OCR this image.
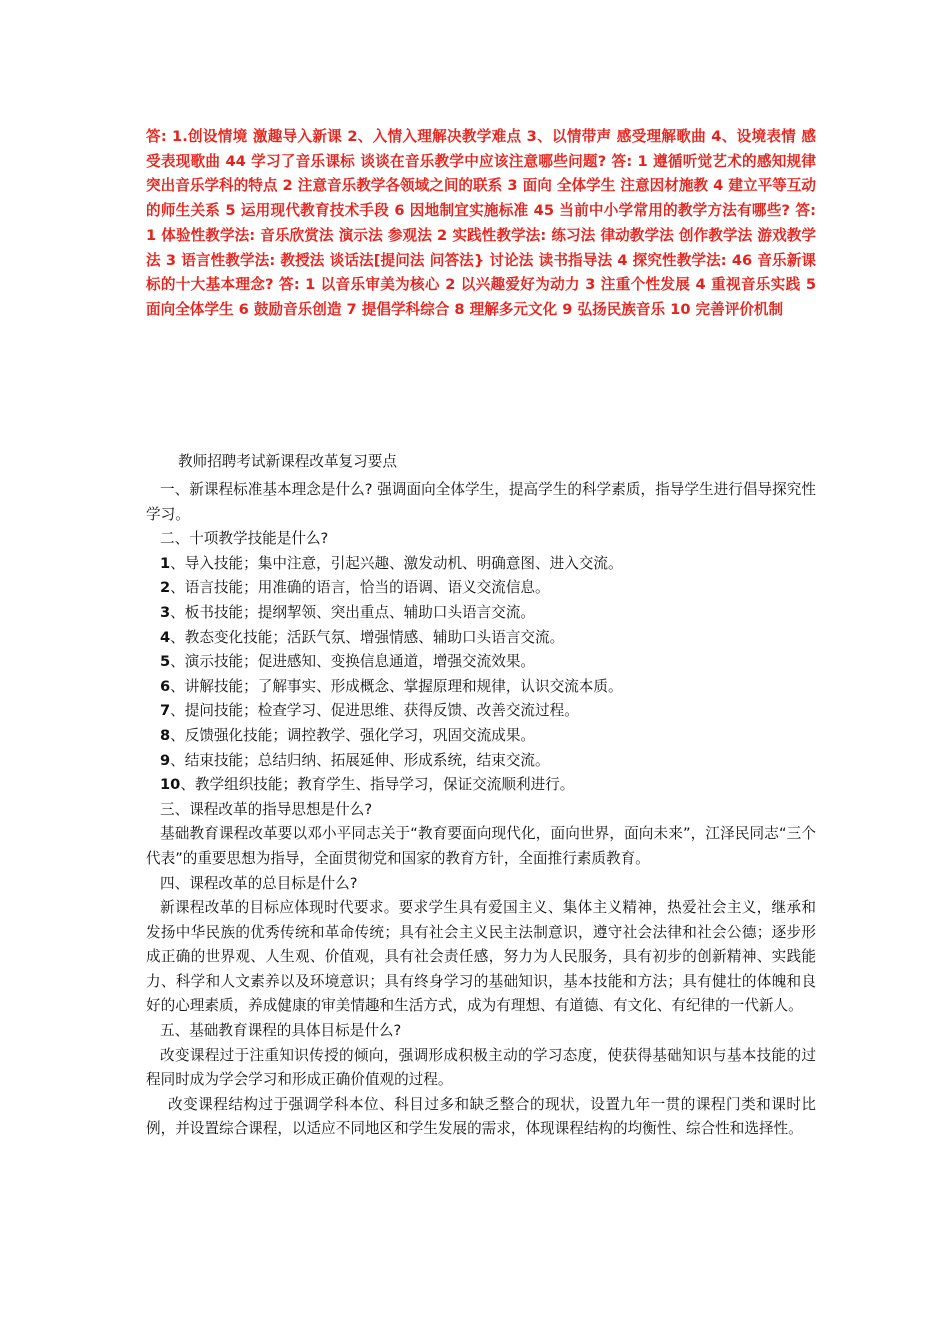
答: 1.创设情境 激趣导入新课 2、入情入理解决教学难点 3、以情带声 感受理解歌曲 4、设境表情 感受表现歌曲 44 学习了音乐课标 谈谈在音乐教学中应该注意哪些问题? 答: 1 遵循听觉艺术的感知规律 突出音乐学科的特点 2 注意音乐教学各领域之间的联系 3 面向 全体学生 注意因材施教 4 建立平等互动的师生关系 5 运用现代教育技术手段 6 因地制宜实施标准 45 当前中小学常用的教学方法有哪些? 答: 1 体验性教学法: 音乐欣赏法 演示法 参观法 2 实践性教学法: 练习法 律动教学法 创作教学法 游戏教学法 3 语言性教学法: 教授法 谈话法[提问法 问答法} 讨论法 读书指导法 4 探究性教学法: 46 音乐新课标的十大基本理念? 答: 1 以音乐审美为核心 2 以兴趣爱好为动力 3 注重个性发展 4 重视音乐实践 5 面向全体学生 6 鼓励音乐创造 7 提倡学科综合 8 理解多元文化 9 弘扬民族音乐 10 完善评价机制

教师招聘考试新课程改革复习要点

一、新课程标准基本理念是什么? 强调面向全体学生，提高学生的科学素质，指导学生进行倡导探究性学习。

二、十项教学技能是什么?

1、导入技能；集中注意，引起兴趣、激发动机、明确意图、进入交流。

2、语言技能；用准确的语言，恰当的语调、语义交流信息。

3、板书技能；提纲挈领、突出重点、辅助口头语言交流。

4、教态变化技能；活跃气氛、增强情感、辅助口头语言交流。

5、演示技能；促进感知、变换信息通道，增强交流效果。

6、讲解技能；了解事实、形成概念、掌握原理和规律，认识交流本质。

7、提问技能；检查学习、促进思维、获得反馈、改善交流过程。

8、反馈强化技能；调控教学、强化学习，巩固交流成果。

9、结束技能；总结归纳、拓展延伸、形成系统，结束交流。

10、教学组织技能；教育学生、指导学习，保证交流顺利进行。

三、课程改革的指导思想是什么?

基础教育课程改革要以邓小平同志关于“教育要面向现代化，面向世界，面向未来”，江泽民同志“三个代表”的重要思想为指导，全面贯彻党和国家的教育方针，全面推行素质教育。

四、课程改革的总目标是什么?

新课程改革的目标应体现时代要求。要求学生具有爱国主义、集体主义精神，热爱社会主义，继承和发扬中华民族的优秀传统和革命传统；具有社会主义民主法制意识，遵守社会法律和社会公德；逐步形成正确的世界观、人生观、价值观，具有社会责任感，努力为人民服务，具有初步的创新精神、实践能力、科学和人文素养以及环境意识；具有终身学习的基础知识，基本技能和方法；具有健壮的体魄和良好的心理素质，养成健康的审美情趣和生活方式，成为有理想、有道德、有文化、有纪律的一代新人。

五、基础教育课程的具体目标是什么?

改变课程过于注重知识传授的倾向，强调形成积极主动的学习态度，使获得基础知识与基本技能的过程同时成为学会学习和形成正确价值观的过程。

改变课程结构过于强调学科本位、科目过多和缺乏整合的现状，设置九年一贯的课程门类和课时比例，并设置综合课程，以适应不同地区和学生发展的需求，体现课程结构的均衡性、综合性和选择性。
